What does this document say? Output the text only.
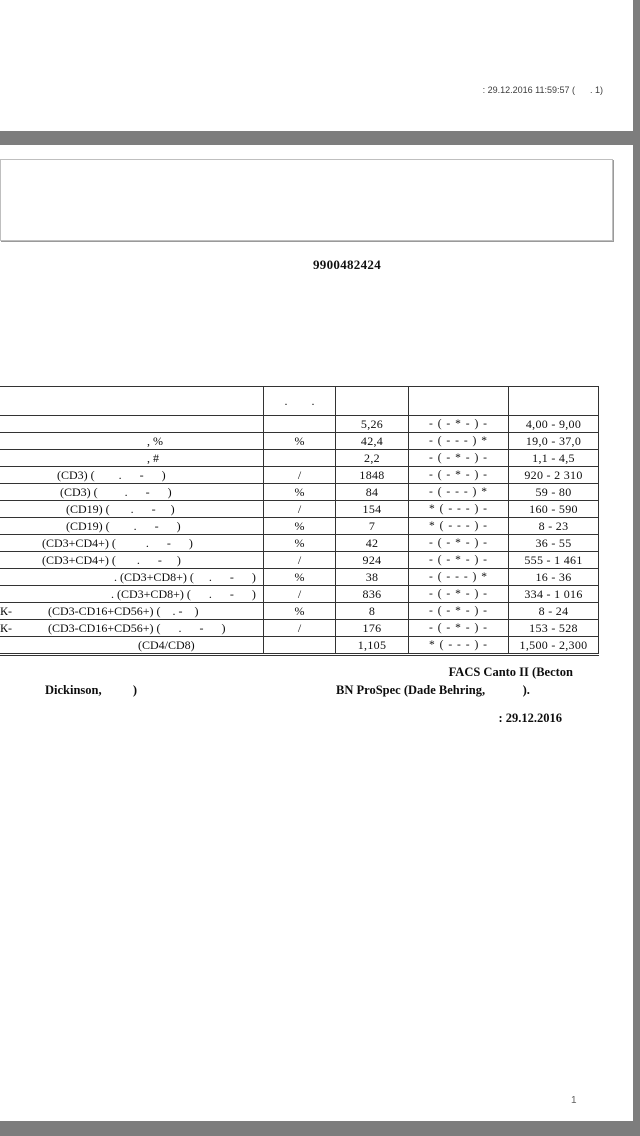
: 29.12.2016 11:59:57 (      . 1)
9900482424
	.        .			
		5,26	- ( - * - ) -	4,00 - 9,00
, %	%	42,4	- ( - - - ) *	19,0 - 37,0
, #		2,2	- ( - * - ) -	1,1 - 4,5
(CD3) (        .      -      )	/	1848	- ( - * - ) -	920 - 2 310
(CD3) (         .      -      )	%	84	- ( - - - ) *	59 - 80
(CD19) (       .      -     )	/	154	* ( - - - ) -	160 - 590
(CD19) (        .      -      )	%	7	* ( - - - ) -	8 - 23
(CD3+CD4+) (          .      -      )	%	42	- ( - * - ) -	36 - 55
(CD3+CD4+) (       .      -     )	/	924	- ( - * - ) -	555 - 1 461
. (CD3+CD8+) (     .      -      )	%	38	- ( - - - ) *	16 - 36
. (CD3+CD8+) (      .      -      )	/	836	- ( - * - ) -	334 - 1 016
К-            (CD3-CD16+CD56+) (    . -    )	%	8	- ( - * - ) -	8 - 24
К-            (CD3-CD16+CD56+) (      .      -      )	/	176	- ( - * - ) -	153 - 528
(CD4/CD8)		1,105	* ( - - - ) -	1,500 - 2,300
FACS Canto II (Becton
Dickinson,          )	BN ProSpec (Dade Behring,            ).
: 29.12.2016
1
